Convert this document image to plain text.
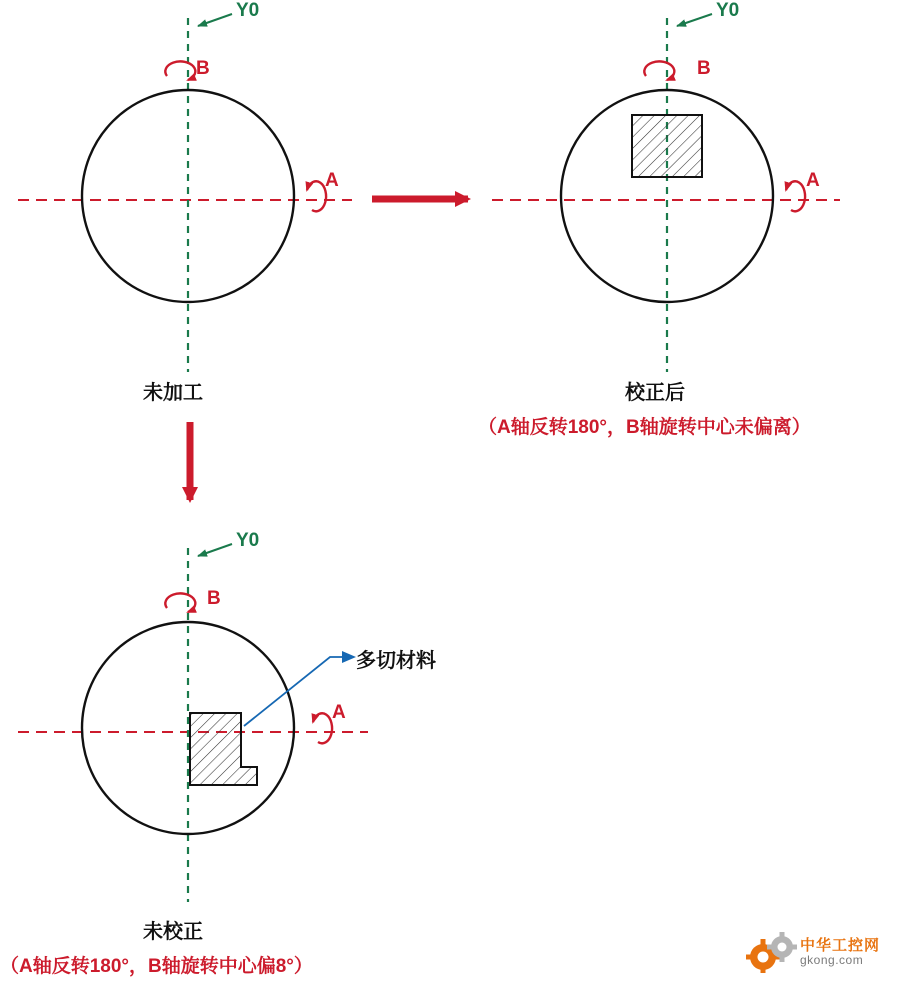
Y0
B
A
未加工
Y0
B
A
校正后
（A轴反转180°，B轴旋转中心未偏离）
Y0
B
A
多切材料
未校正
（A轴反转180°，B轴旋转中心偏8°）
中华工控网
gkong.com
